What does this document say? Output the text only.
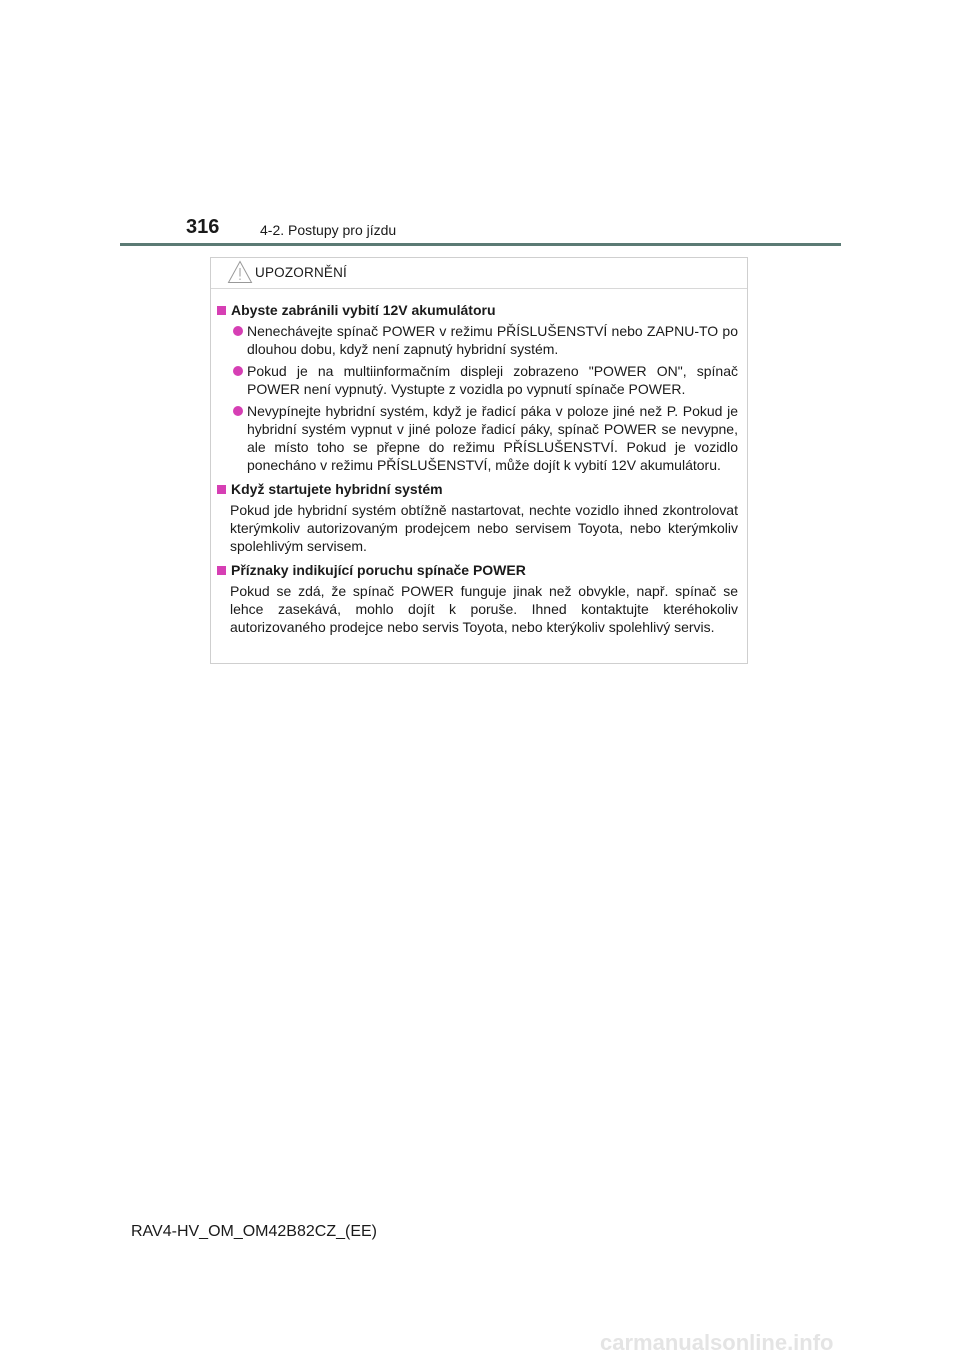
316	4-2. Postupy pro jízdu
UPOZORNĚNÍ
Abyste zabránili vybití 12V akumulátoru
Nenechávejte spínač POWER v režimu PŘÍSLUŠENSTVÍ nebo ZAPNU-TO po dlouhou dobu, když není zapnutý hybridní systém.
Pokud je na multiinformačním displeji zobrazeno "POWER ON", spínač POWER není vypnutý. Vystupte z vozidla po vypnutí spínače POWER.
Nevypínejte hybridní systém, když je řadicí páka v poloze jiné než P. Pokud je hybridní systém vypnut v jiné poloze řadicí páky, spínač POWER se nevypne, ale místo toho se přepne do režimu PŘÍSLUŠENSTVÍ. Pokud je vozidlo ponecháno v režimu PŘÍSLUŠENSTVÍ, může dojít k vybití 12V akumulátoru.
Když startujete hybridní systém
Pokud jde hybridní systém obtížně nastartovat, nechte vozidlo ihned zkontrolovat kterýmkoliv autorizovaným prodejcem nebo servisem Toyota, nebo kterýmkoliv spolehlivým servisem.
Příznaky indikující poruchu spínače POWER
Pokud se zdá, že spínač POWER funguje jinak než obvykle, např. spínač se lehce zasekává, mohlo dojít k poruše. Ihned kontaktujte kteréhokoliv autorizovaného prodejce nebo servis Toyota, nebo kterýkoliv spolehlivý servis.
RAV4-HV_OM_OM42B82CZ_(EE)
carmanualsonline.info
